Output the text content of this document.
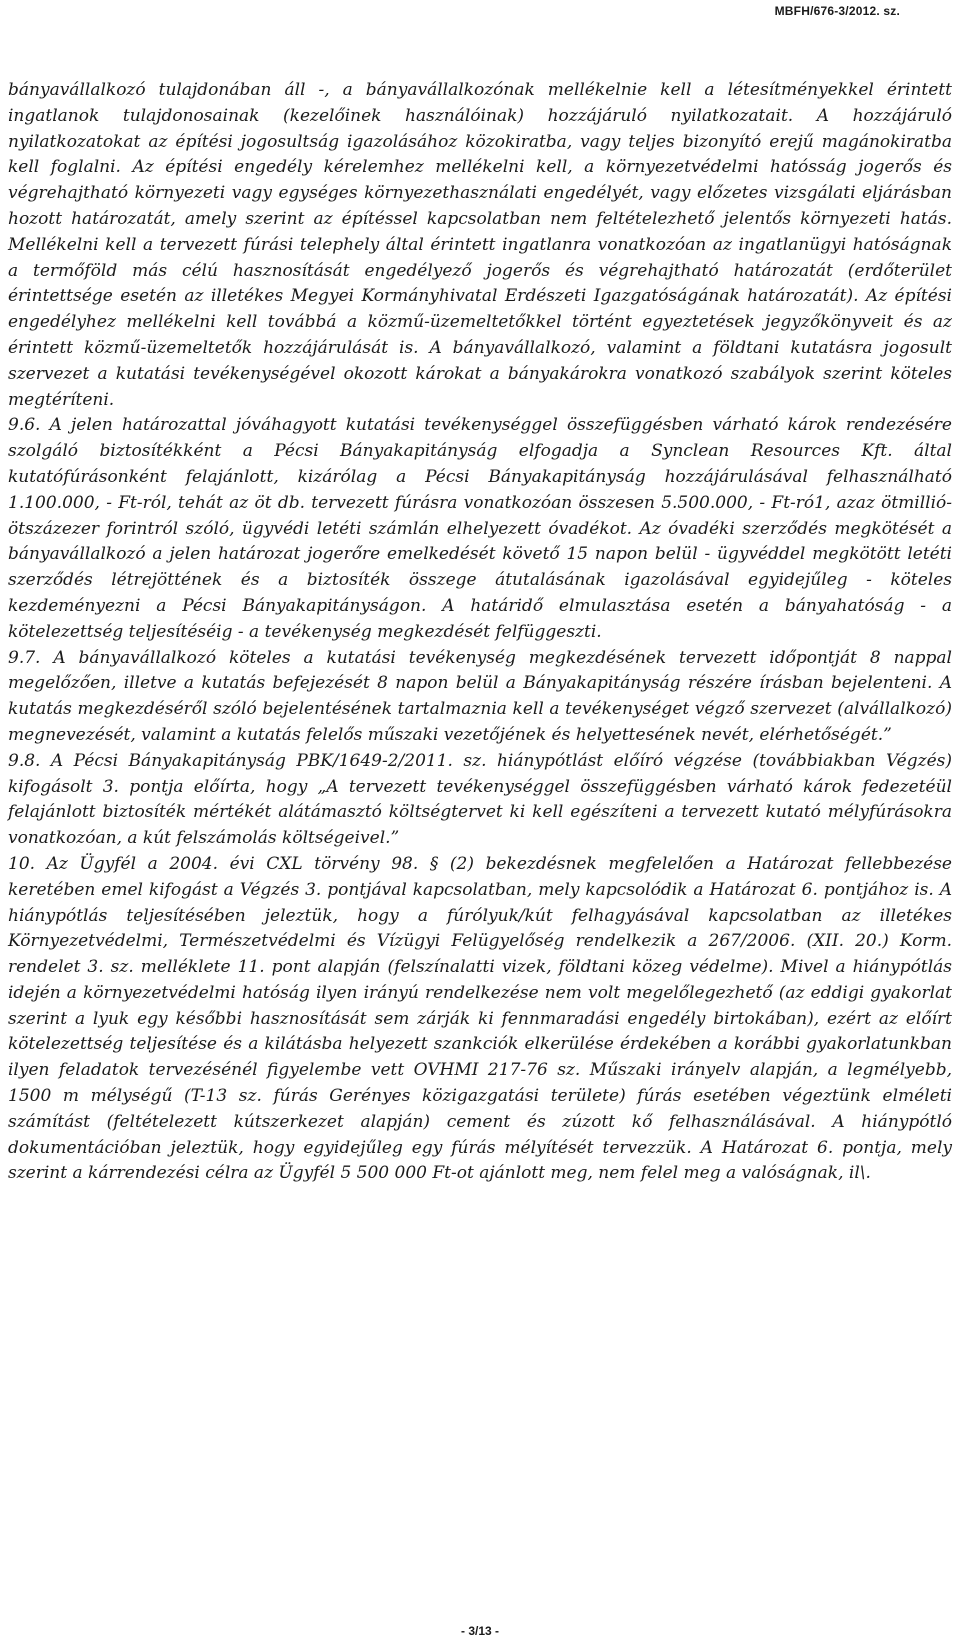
MBFH/676-3/2012. sz.

bányavállalkozó tulajdonában áll -, a bányavállalkozónak mellékelnie kell a létesítményekkel érintett ingatlanok tulajdonosainak (kezelőinek használóinak) hozzájáruló nyilatkozatait. A hozzájáruló nyilatkozatokat az építési jogosultság igazolásához közokiratba, vagy teljes bizonyító erejű magánokiratba kell foglalni. Az építési engedély kérelemhez mellékelni kell, a környezetvédelmi hatósság jogerős és végrehajtható környezeti vagy egységes környezethasználati engedélyét, vagy előzetes vizsgálati eljárásban hozott határozatát, amely szerint az építéssel kapcsolatban nem feltételezhető jelentős környezeti hatás. Mellékelni kell a tervezett fúrási telephely által érintett ingatlanra vonatkozóan az ingatlanügyi hatóságnak a termőföld más célú hasznosítását engedélyező jogerős és végrehajtható határozatát (erdőterület érintettsége esetén az illetékes Megyei Kormányhivatal Erdészeti Igazgatóságának határozatát). Az építési engedélyhez mellékelni kell továbbá a közmű-üzemeltetőkkel történt egyeztetések jegyzőkönyveit és az érintett közmű-üzemeltetők hozzájárulását is. A bányavállalkozó, valamint a földtani kutatásra jogosult szervezet a kutatási tevékenységével okozott károkat a bányakárokra vonatkozó szabályok szerint köteles megtéríteni.

9.6. A jelen határozattal jóváhagyott kutatási tevékenységgel összefüggésben várható károk rendezésére szolgáló biztosítékként a Pécsi Bányakapitányság elfogadja a Synclean Resources Kft. által kutatófúrásonként felajánlott, kizárólag a Pécsi Bányakapitányság hozzájárulásával felhasználható 1.100.000, - Ft-ról, tehát az öt db. tervezett fúrásra vonatkozóan összesen 5.500.000, - Ft-ró1, azaz ötmillió-ötszázezer forintról szóló, ügyvédi letéti számlán elhelyezett óvadékot. Az óvadéki szerződés megkötését a bányavállalkozó a jelen határozat jogerőre emelkedését követő 15 napon belül - ügyvéddel megkötött letéti szerződés létrejöttének és a biztosíték összege átutalásának igazolásával egyidejűleg - köteles kezdeményezni a Pécsi Bányakapitányságon. A határidő elmulasztása esetén a bányahatóság - a kötelezettség teljesítéséig - a tevékenység megkezdését felfüggeszti.

9.7. A bányavállalkozó köteles a kutatási tevékenység megkezdésének tervezett időpontját 8 nappal megelőzően, illetve a kutatás befejezését 8 napon belül a Bányakapitányság részére írásban bejelenteni. A kutatás megkezdéséről szóló bejelentésének tartalmaznia kell a tevékenységet végző szervezet (alvállalkozó) megnevezését, valamint a kutatás felelős műszaki vezetőjének és helyettesének nevét, elérhetőségét.”

9.8. A Pécsi Bányakapitányság PBK/1649-2/2011. sz. hiánypótlást előíró végzése (továbbiakban Végzés) kifogásolt 3. pontja előírta, hogy „A tervezett tevékenységgel összefüggésben várható károk fedezetéül felajánlott biztosíték mértékét alátámasztó költségtervet ki kell egészíteni a tervezett kutató mélyfúrásokra vonatkozóan, a kút felszámolás költségeivel.”

10. Az Ügyfél a 2004. évi CXL törvény 98. § (2) bekezdésnek megfelelően a Határozat fellebbezése keretében emel kifogást a Végzés 3. pontjával kapcsolatban, mely kapcsolódik a Határozat 6. pontjához is. A hiánypótlás teljesítésében jeleztük, hogy a fúrólyuk/kút felhagyásával kapcsolatban az illetékes Környezetvédelmi, Természetvédelmi és Vízügyi Felügyelőség rendelkezik a 267/2006. (XII. 20.) Korm. rendelet 3. sz. melléklete 11. pont alapján (felszínalatti vizek, földtani közeg védelme). Mivel a hiánypótlás idején a környezetvédelmi hatóság ilyen irányú rendelkezése nem volt megelőlegezhető (az eddigi gyakorlat szerint a lyuk egy későbbi hasznosítását sem zárják ki fennmaradási engedély birtokában), ezért az előírt kötelezettség teljesítése és a kilátásba helyezett szankciók elkerülése érdekében a korábbi gyakorlatunkban ilyen feladatok tervezésénél figyelembe vett OVHMI 217-76 sz. Műszaki irányelv alapján, a legmélyebb, 1500 m mélységű (T-13 sz. fúrás Gerényes közigazgatási területe) fúrás esetében végeztünk elméleti számítást (feltételezett kútszerkezet alapján) cement és zúzott kő felhasználásával. A hiánypótló dokumentációban jeleztük, hogy egyidejűleg egy fúrás mélyítését tervezzük. A Határozat 6. pontja, mely szerint a kárrendezési célra az Ügyfél 5 500 000 Ft-ot ajánlott meg, nem felel meg a valóságnak, il\.

- 3/13 -
